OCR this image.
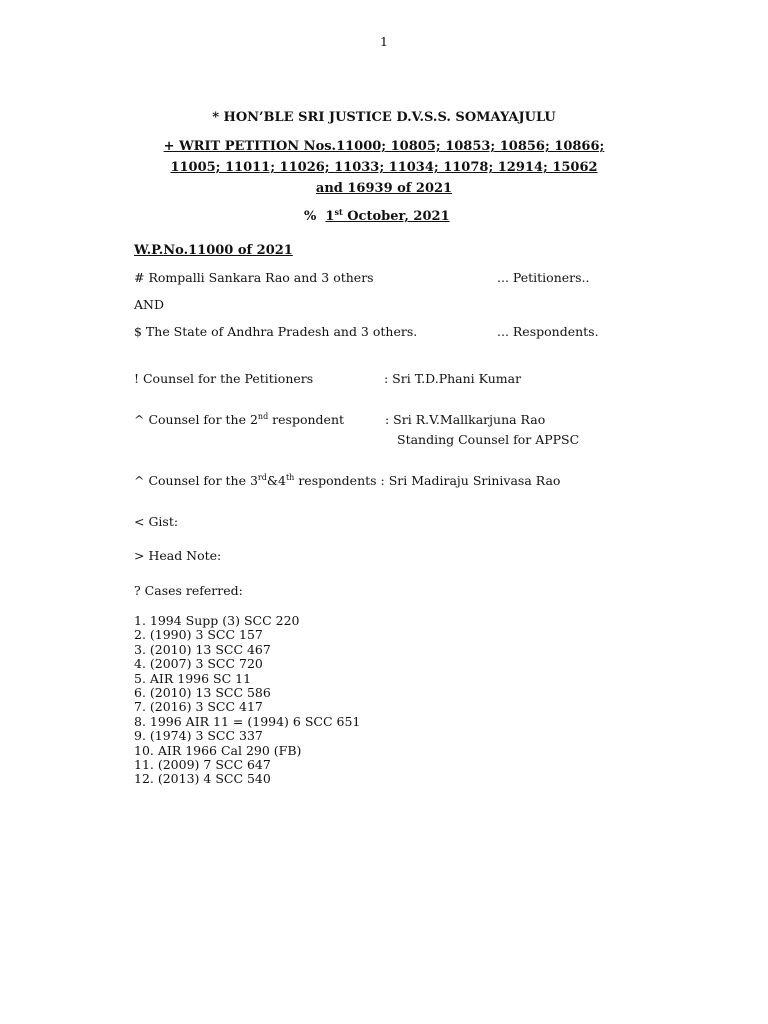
1
* HON’BLE SRI JUSTICE D.V.S.S. SOMAYAJULU
+ WRIT PETITION Nos.11000; 10805; 10853; 10856; 10866;
11005; 11011; 11026; 11033; 11034; 11078; 12914; 15062
and 16939 of 2021
% 1st October, 2021
W.P.No.11000 of 2021
# Rompalli Sankara Rao and 3 others	... Petitioners..
AND
$ The State of Andhra Pradesh and 3 others.	... Respondents.
! Counsel for the Petitioners	: Sri T.D.Phani Kumar
^ Counsel for the 2nd respondent	: Sri R.V.Mallkarjuna Rao
Standing Counsel for APPSC
^ Counsel for the 3rd&4th respondents : Sri Madiraju Srinivasa Rao
< Gist:
> Head Note:
? Cases referred:
1. 1994 Supp (3) SCC 220
2. (1990) 3 SCC 157
3. (2010) 13 SCC 467
4. (2007) 3 SCC 720
5. AIR 1996 SC 11
6. (2010) 13 SCC 586
7. (2016) 3 SCC 417
8. 1996 AIR 11 = (1994) 6 SCC 651
9. (1974) 3 SCC 337
10. AIR 1966 Cal 290 (FB)
11. (2009) 7 SCC 647
12. (2013) 4 SCC 540
